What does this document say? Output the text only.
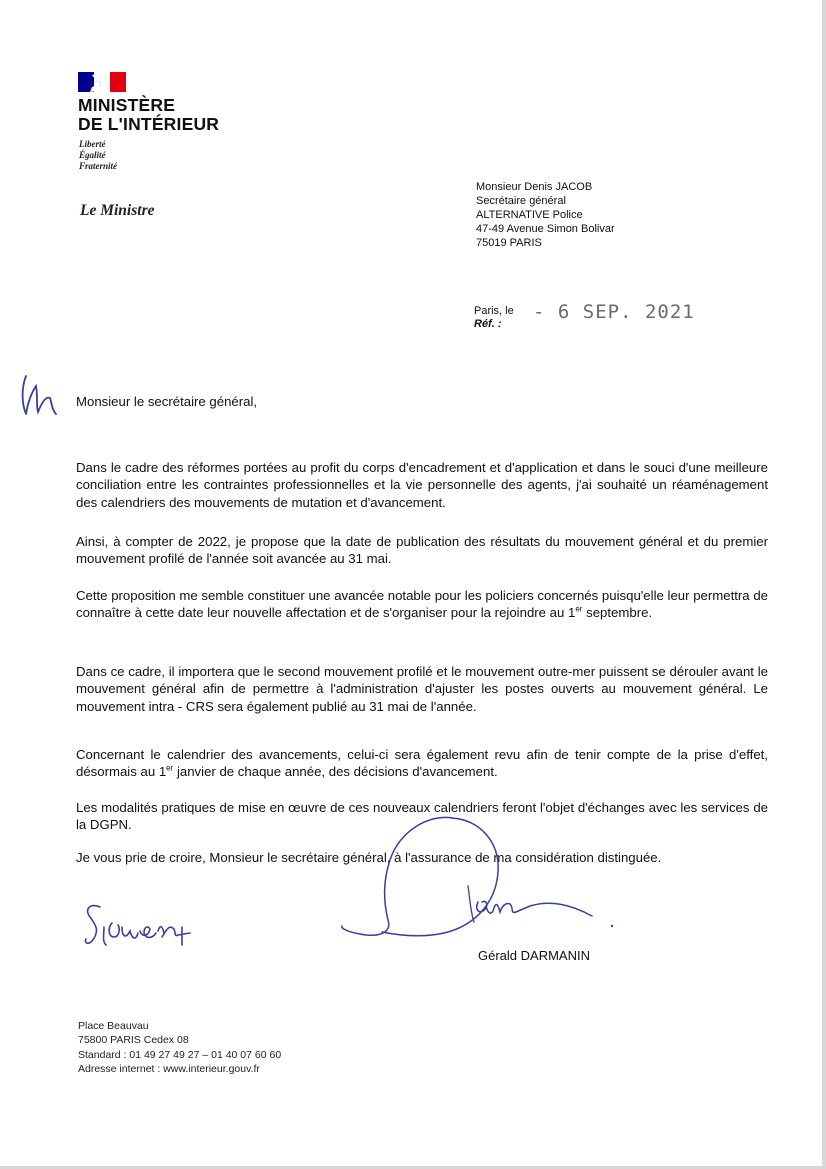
MINISTÈRE
DE L'INTÉRIEUR
Liberté
Égalité
Fraternité
Le Ministre
Monsieur Denis JACOB
Secrétaire général
ALTERNATIVE Police
47-49 Avenue Simon Bolivar
75019 PARIS
Paris, le
Réf. :
- 6 SEP. 2021
Monsieur le secrétaire général,

Dans le cadre des réformes portées au profit du corps d'encadrement et d'application et dans le souci d'une meilleure conciliation entre les contraintes professionnelles et la vie personnelle des agents, j'ai souhaité un réaménagement des calendriers des mouvements de mutation et d'avancement.

Ainsi, à compter de 2022, je propose que la date de publication des résultats du mouvement général et du premier mouvement profilé de l'année soit avancée au 31 mai.

Cette proposition me semble constituer une avancée notable pour les policiers concernés puisqu'elle leur permettra de connaître à cette date leur nouvelle affectation et de s'organiser pour la rejoindre au 1er septembre.

Dans ce cadre, il importera que le second mouvement profilé et le mouvement outre-mer puissent se dérouler avant le mouvement général afin de permettre à l'administration d'ajuster les postes ouverts au mouvement général. Le mouvement intra - CRS sera également publié au 31 mai de l'année.

Concernant le calendrier des avancements, celui-ci sera également revu afin de tenir compte de la prise d'effet, désormais au 1er janvier de chaque année, des décisions d'avancement.

Les modalités pratiques de mise en œuvre de ces nouveaux calendriers feront l'objet d'échanges avec les services de la DGPN.

Je vous prie de croire, Monsieur le secrétaire général, à l'assurance de ma considération distinguée.

Gérald DARMANIN
Place Beauvau
75800 PARIS Cedex 08
Standard : 01 49 27 49 27 – 01 40 07 60 60
Adresse internet : www.interieur.gouv.fr
